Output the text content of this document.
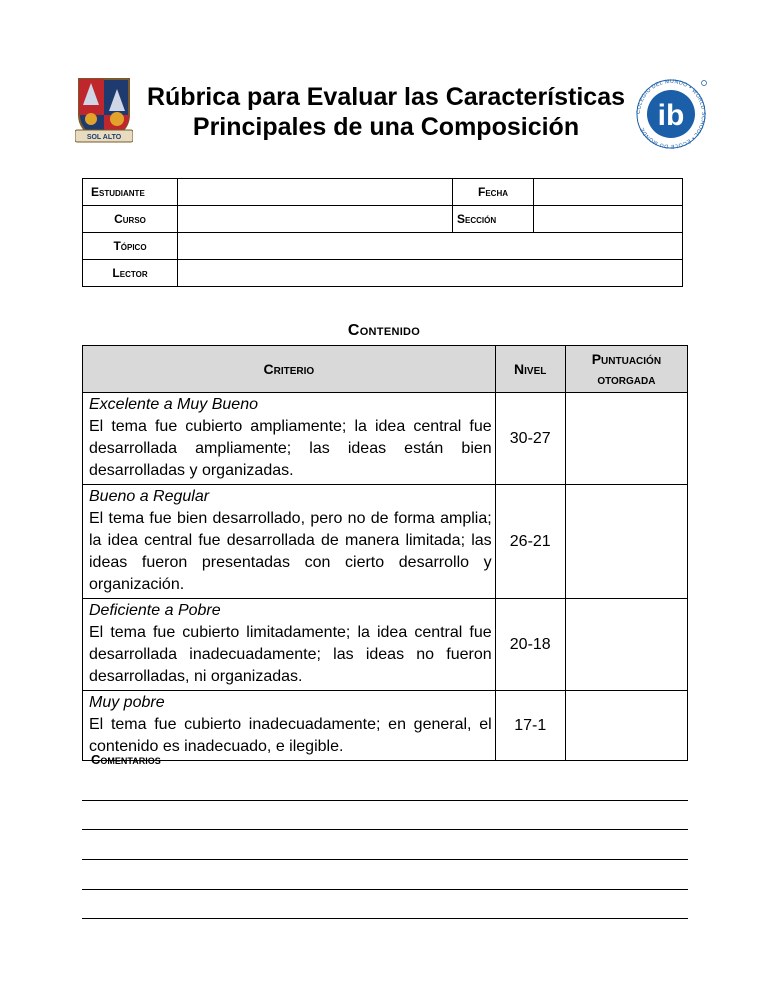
SOL ALTO
Rúbrica para Evaluar las Características Principales de una Composición
COLEGIO DEL MUNDO • WORLD SCHOOL • ÉCOLE DU MONDE ib
Estudiante		Fecha	
Curso		Sección	
Tópico			
Lector			
Contenido
Criterio	Nivel	Puntuación
otorgada

Excelente a Muy Bueno
El tema fue cubierto ampliamente; la idea central fue desarrollada ampliamente; las ideas están bien desarrolladas y organizadas.	30-27	

Bueno a Regular
El tema fue bien desarrollado, pero no de forma amplia; la idea central fue desarrollada de manera limitada; las ideas fueron presentadas con cierto desarrollo y organización.	26-21	

Deficiente a Pobre
El tema fue cubierto limitadamente; la idea central fue desarrollada inadecuadamente; las ideas no fueron desarrolladas, ni organizadas.	20-18	

Muy pobre
El tema fue cubierto inadecuadamente; en general, el contenido es inadecuado, e ilegible.	17-1	
Comentarios
